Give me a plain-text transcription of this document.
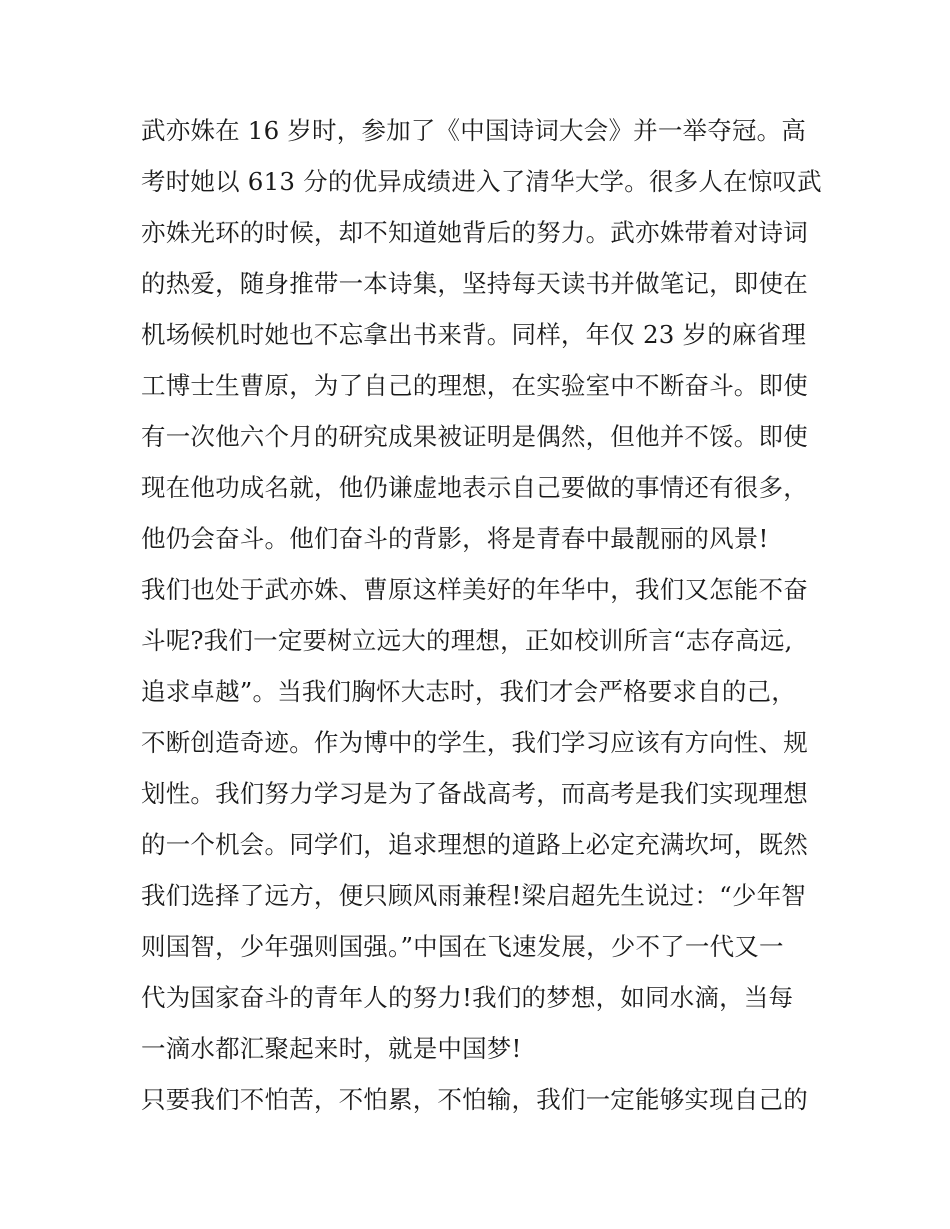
武亦姝在 16 岁时，参加了《中国诗词大会》并一举夺冠。高
考时她以 613 分的优异成绩进入了清华大学。很多人在惊叹武
亦姝光环的时候，却不知道她背后的努力。武亦姝带着对诗词
的热爱，随身推带一本诗集，坚持每天读书并做笔记，即使在
机场候机时她也不忘拿出书来背。同样，年仅 23 岁的麻省理
工博士生曹原，为了自己的理想，在实验室中不断奋斗。即使
有一次他六个月的研究成果被证明是偶然，但他并不馁。即使
现在他功成名就，他仍谦虚地表示自己要做的事情还有很多，
他仍会奋斗。他们奋斗的背影，将是青春中最靓丽的风景!
我们也处于武亦姝、曹原这样美好的年华中，我们又怎能不奋
斗呢?我们一定要树立远大的理想，正如校训所言“志存高远,
追求卓越”。当我们胸怀大志时，我们才会严格要求自的己，
不断创造奇迹。作为博中的学生，我们学习应该有方向性、规
划性。我们努力学习是为了备战高考，而高考是我们实现理想
的一个机会。同学们，追求理想的道路上必定充满坎坷，既然
我们选择了远方，便只顾风雨兼程!梁启超先生说过：“少年智
则国智，少年强则国强。”中国在飞速发展，少不了一代又一
代为国家奋斗的青年人的努力!我们的梦想，如同水滴，当每
一滴水都汇聚起来时，就是中国梦!
只要我们不怕苦，不怕累，不怕输，我们一定能够实现自己的
